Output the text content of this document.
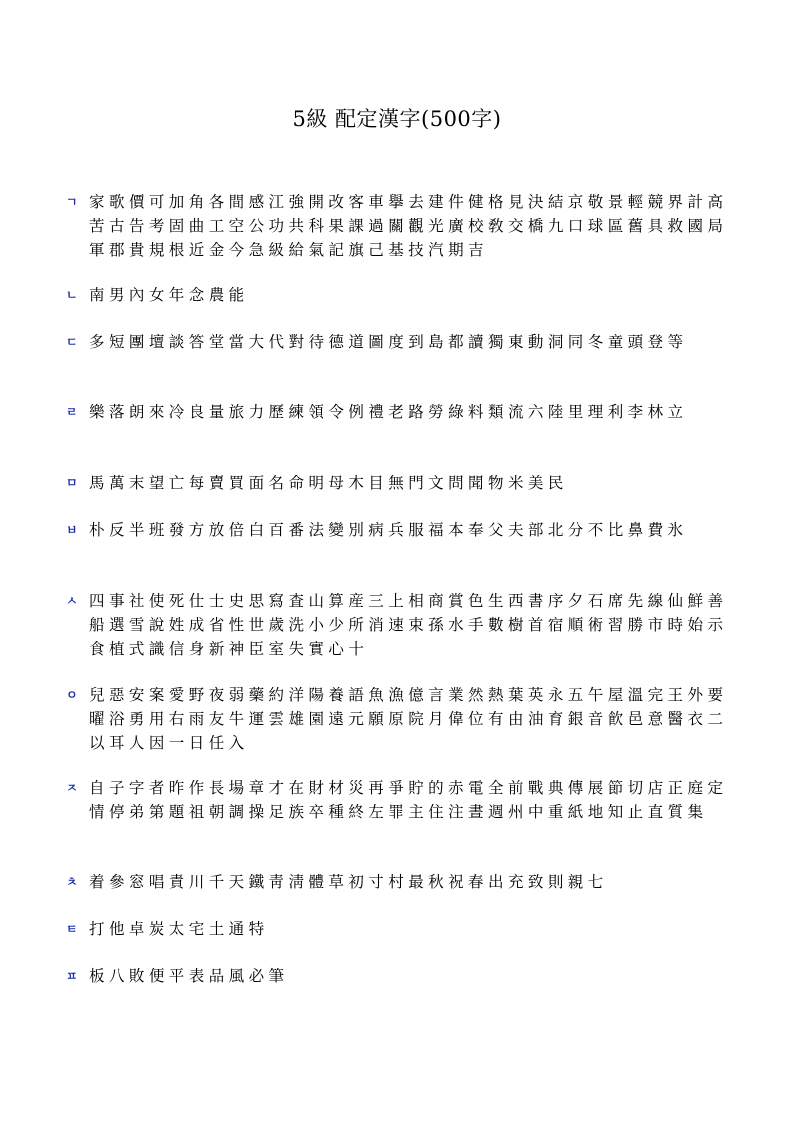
5級 配定漢字(500字)
ㄱ 家歌價可加角各間感江強開改客車擧去建件健格見決結京敬景輕競界計高苦古告考固曲工空公功共科果課過關觀光廣校敎交橋九口球區舊具救國局軍郡貴規根近金今急級給氣記旗己基技汽期吉
ㄴ 南男內女年念農能
ㄷ 多短團壇談答堂當大代對待德道圖度到島都讀獨東動洞同冬童頭登等
ㄹ 樂落朗來冷良量旅力歷練領令例禮老路勞綠料類流六陸里理利李林立
ㅁ 馬萬末望亡每賣買面名命明母木目無門文問聞物米美民
ㅂ 朴反半班發方放倍白百番法變別病兵服福本奉父夫部北分不比鼻費氷
ㅅ 四事社使死仕士史思寫査山算産三上相商賞色生西書序夕石席先線仙鮮善船選雪說姓成省性世歲洗小少所消速束孫水手數樹首宿順術習勝市時始示食植式識信身新神臣室失實心十
ㅇ 兒惡安案愛野夜弱藥約洋陽養語魚漁億言業然熱葉英永五午屋溫完王外要曜浴勇用右雨友牛運雲雄園遠元願原院月偉位有由油育銀音飮邑意醫衣二以耳人因一日任入
ㅈ 自子字者昨作長場章才在財材災再爭貯的赤電全前戰典傳展節切店正庭定情停弟第題祖朝調操足族卒種終左罪主住注晝週州中重紙地知止直質集
ㅊ 着參窓唱責川千天鐵靑淸體草初寸村最秋祝春出充致則親七
ㅌ 打他卓炭太宅土通特
ㅍ 板八敗便平表品風必筆
